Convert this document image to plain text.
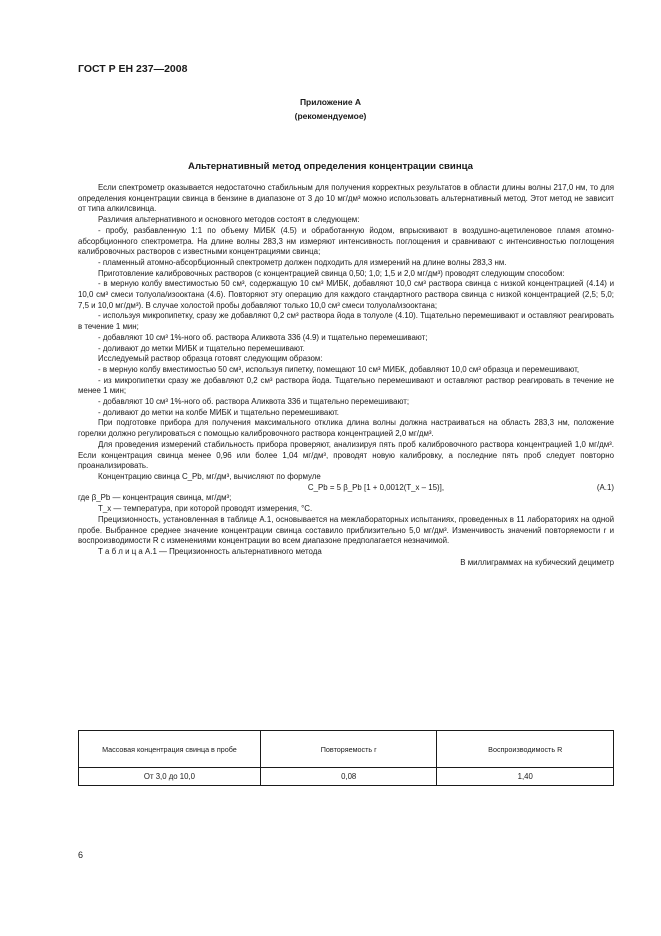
ГОСТ Р ЕН 237—2008
Приложение А
(рекомендуемое)
Альтернативный метод определения концентрации свинца

Если спектрометр оказывается недостаточно стабильным для получения корректных результатов в области длины волны 217,0 нм, то для определения концентрации свинца в бензине в диапазоне от 3 до 10 мг/дм³ можно использовать альтернативный метод. Этот метод не зависит от типа алкилсвинца.

Различия альтернативного и основного методов состоят в следующем:

- пробу, разбавленную 1:1 по объему МИБК (4.5) и обработанную йодом, впрыскивают в воздушно-ацетиленовое пламя атомно-абсорбционного спектрометра. На длине волны 283,3 нм измеряют интенсивность поглощения и сравнивают с интенсивностью поглощения калибровочных растворов с известными концентрациями свинца;

- пламенный атомно-абсорбционный спектрометр должен подходить для измерений на длине волны 283,3 нм.

Приготовление калибровочных растворов (с концентрацией свинца 0,50; 1,0; 1,5 и 2,0 мг/дм³) проводят следующим способом:

- в мерную колбу вместимостью 50 см³, содержащую 10 см³ МИБК, добавляют 10,0 см³ раствора свинца с низкой концентрацией (4.14) и 10,0 см³ смеси толуола/изооктана (4.6). Повторяют эту операцию для каждого стандартного раствора свинца с низкой концентрацией (2,5; 5,0; 7,5 и 10,0 мг/дм³). В случае холостой пробы добавляют только 10,0 см³ смеси толуола/изооктана;

- используя микропипетку, сразу же добавляют 0,2 см³ раствора йода в толуоле (4.10). Тщательно перемешивают и оставляют реагировать в течение 1 мин;

- добавляют 10 см³ 1%-ного об. раствора Аликвота 336 (4.9) и тщательно перемешивают;

- доливают до метки МИБК и тщательно перемешивают.

Исследуемый раствор образца готовят следующим образом:

- в мерную колбу вместимостью 50 см³, используя пипетку, помещают 10 см³ МИБК, добавляют 10,0 см³ образца и перемешивают,

- из микропипетки сразу же добавляют 0,2 см³ раствора йода. Тщательно перемешивают и оставляют раствор реагировать в течение не менее 1 мин;

- добавляют 10 см³ 1%-ного об. раствора Аликвота 336 и тщательно перемешивают;

- доливают до метки на колбе МИБК и тщательно перемешивают.

При подготовке прибора для получения максимального отклика длина волны должна настраиваться на область 283,3 нм, положение горелки должно регулироваться с помощью калибровочного раствора концентрацией 2,0 мг/дм³.

Для проведения измерений стабильность прибора проверяют, анализируя пять проб калибровочного раствора концентрацией 1,0 мг/дм³. Если концентрация свинца менее 0,96 или более 1,04 мг/дм³, проводят новую калибровку, а последние пять проб следует повторно проанализировать.

Концентрацию свинца C_Pb, мг/дм³, вычисляют по формуле

C_Pb = 5 β_Pb [1 + 0,0012(T_x – 15)],	(А.1)

где β_Pb — концентрация свинца, мг/дм³;

T_x — температура, при которой проводят измерения, °C.

Прецизионность, установленная в таблице А.1, основывается на межлабораторных испытаниях, проведенных в 11 лабораториях на одной пробе. Выбранное среднее значение концентрации свинца составило приблизительно 5,0 мг/дм³. Изменчивость значений повторяемости r и воспроизводимости R с изменениями концентрации во всем диапазоне предполагается незначимой.

Т а б л и ц а А.1 — Прецизионность альтернативного метода

В миллиграммах на кубический дециметр

Массовая концентрация свинца в пробе	Повторяемость r	Воспроизводимость R
От 3,0 до 10,0	0,08	1,40
6
